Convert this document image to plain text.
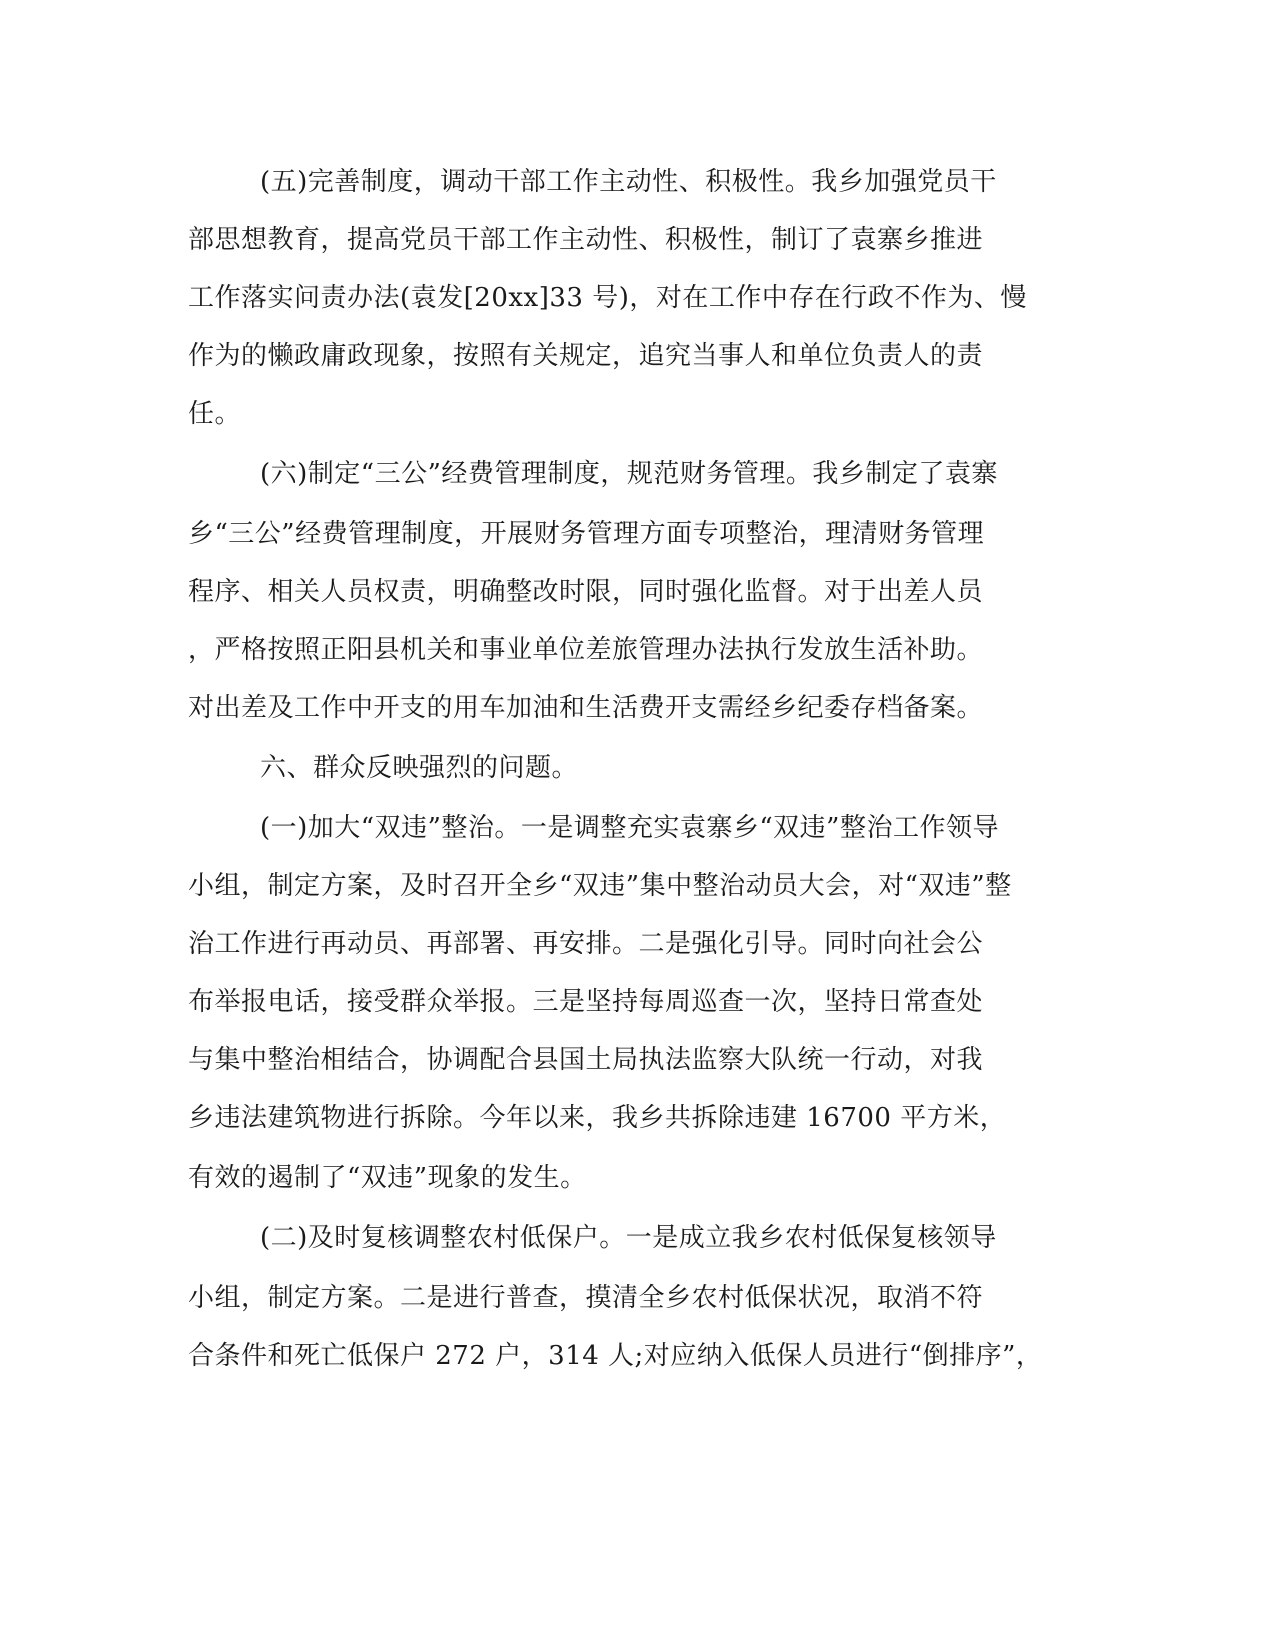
(五)完善制度，调动干部工作主动性、积极性。我乡加强党员干
部思想教育，提高党员干部工作主动性、积极性，制订了袁寨乡推进
工作落实问责办法(袁发[20xx]33 号)，对在工作中存在行政不作为、慢
作为的懒政庸政现象，按照有关规定，追究当事人和单位负责人的责
任。
(六)制定“三公”经费管理制度，规范财务管理。我乡制定了袁寨
乡“三公”经费管理制度，开展财务管理方面专项整治，理清财务管理
程序、相关人员权责，明确整改时限，同时强化监督。对于出差人员
，严格按照正阳县机关和事业单位差旅管理办法执行发放生活补助。
对出差及工作中开支的用车加油和生活费开支需经乡纪委存档备案。
六、群众反映强烈的问题。
(一)加大“双违”整治。一是调整充实袁寨乡“双违”整治工作领导
小组，制定方案，及时召开全乡“双违”集中整治动员大会，对“双违”整
治工作进行再动员、再部署、再安排。二是强化引导。同时向社会公
布举报电话，接受群众举报。三是坚持每周巡查一次，坚持日常查处
与集中整治相结合，协调配合县国土局执法监察大队统一行动，对我
乡违法建筑物进行拆除。今年以来，我乡共拆除违建 16700 平方米，
有效的遏制了“双违”现象的发生。
(二)及时复核调整农村低保户。一是成立我乡农村低保复核领导
小组，制定方案。二是进行普查，摸清全乡农村低保状况，取消不符
合条件和死亡低保户 272 户，314 人;对应纳入低保人员进行“倒排序”，
